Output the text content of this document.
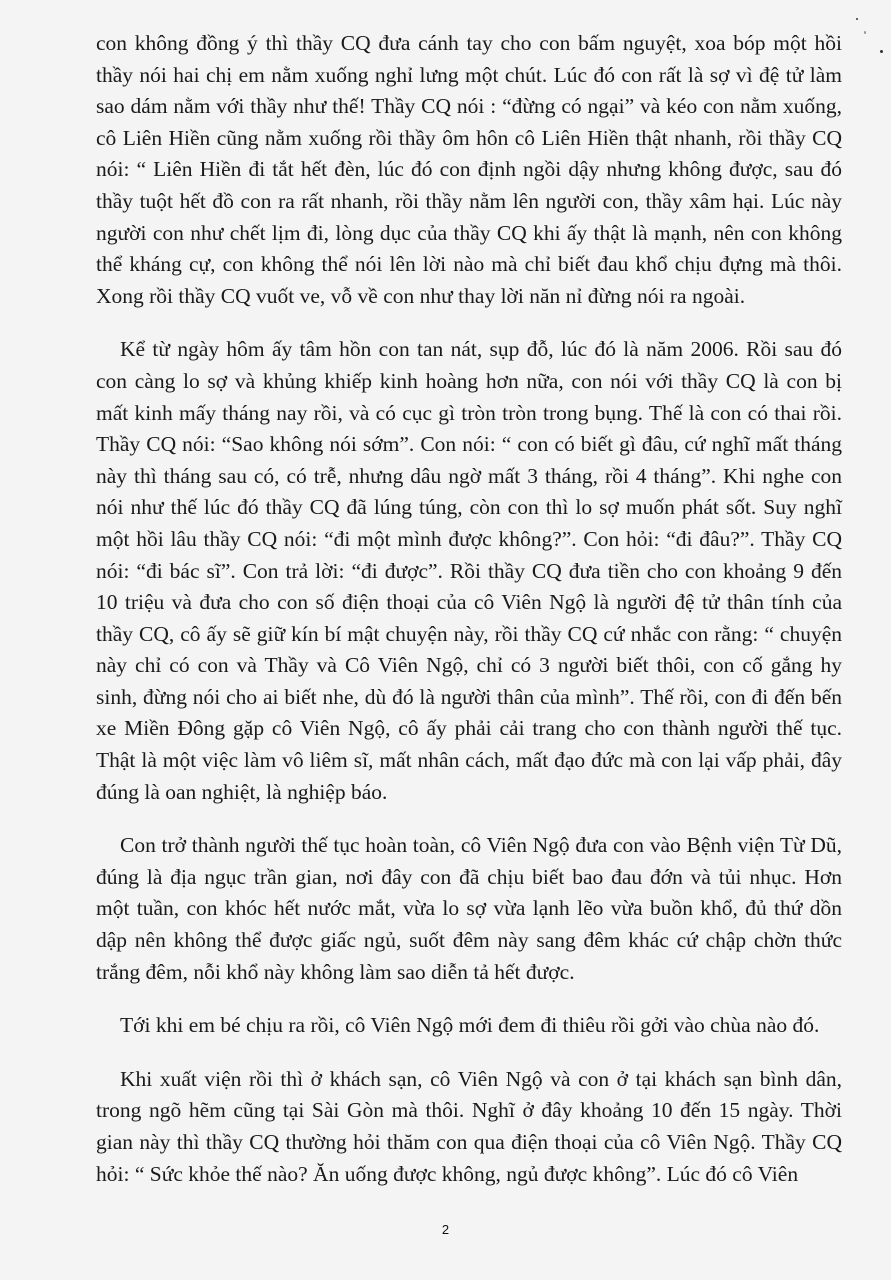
con không đồng ý thì thầy CQ đưa cánh tay cho con bấm nguyệt, xoa bóp một hồi
thầy nói hai chị em nằm xuống nghỉ lưng một chút. Lúc đó con rất là sợ vì đệ tử làm
sao dám nằm với thầy như thế! Thầy CQ nói : “đừng có ngại” và kéo con nằm xuống,
cô Liên Hiền cũng nằm xuống rồi thầy ôm hôn cô Liên Hiền thật nhanh, rồi thầy CQ
nói: “ Liên Hiền đi tắt hết đèn, lúc đó con định ngồi dậy nhưng không được, sau đó
thầy tuột hết đồ con ra rất nhanh, rồi thầy nằm lên người con, thầy xâm hại. Lúc này
người con như chết lịm đi, lòng dục của thầy CQ khi ấy thật là mạnh, nên con không
thể kháng cự, con không thể nói lên lời nào mà chỉ biết đau khổ chịu đựng mà thôi.
Xong rồi thầy CQ vuốt ve, vỗ về con như thay lời năn nỉ đừng nói ra ngoài.
Kể từ ngày hôm ấy tâm hồn con tan nát, sụp đỗ, lúc đó là năm 2006. Rồi sau đó
con càng lo sợ và khủng khiếp kinh hoàng hơn nữa, con nói với thầy CQ là con bị
mất kinh mấy tháng nay rồi, và có cục gì tròn tròn trong bụng. Thế là con có thai rồi.
Thầy CQ nói: “Sao không nói sớm”. Con nói: “ con có biết gì đâu, cứ nghĩ mất tháng
này thì tháng sau có, có trễ, nhưng dâu ngờ mất 3 tháng, rồi 4 tháng”. Khi nghe con
nói như thế lúc đó thầy CQ đã lúng túng, còn con thì lo sợ muốn phát sốt. Suy nghĩ
một hồi lâu thầy CQ nói: “đi một mình được không?”. Con hỏi: “đi đâu?”. Thầy CQ
nói: “đi bác sĩ”. Con trả lời: “đi được”. Rồi thầy CQ đưa tiền cho con khoảng 9 đến
10 triệu và đưa cho con số điện thoại của cô Viên Ngộ là người đệ tử thân tính của
thầy CQ, cô ấy sẽ giữ kín bí mật chuyện này, rồi thầy CQ cứ nhắc con rằng: “ chuyện
này chỉ có con và Thầy và Cô Viên Ngộ, chỉ có 3 người biết thôi, con cố gắng hy
sinh, đừng nói cho ai biết nhe, dù đó là người thân của mình”. Thế rồi, con đi đến bến
xe Miền Đông gặp cô Viên Ngộ, cô ấy phải cải trang cho con thành người thế tục.
Thật là một việc làm vô liêm sĩ, mất nhân cách, mất đạo đức mà con lại vấp phải, đây
đúng là oan nghiệt, là nghiệp báo.
Con trở thành người thế tục hoàn toàn, cô Viên Ngộ đưa con vào Bệnh viện Từ Dũ,
đúng là địa ngục trần gian, nơi đây con đã chịu biết bao đau đớn và tủi nhục. Hơn
một tuần, con khóc hết nước mắt, vừa lo sợ vừa lạnh lẽo vừa buồn khổ, đủ thứ dồn
dập nên không thể được giấc ngủ, suốt đêm này sang đêm khác cứ chập chờn thức
trắng đêm, nỗi khổ này không làm sao diễn tả hết được.
Tới khi em bé chịu ra rồi, cô Viên Ngộ mới đem đi thiêu rồi gởi vào chùa nào đó.
Khi xuất viện rồi thì ở khách sạn, cô Viên Ngộ và con ở tại khách sạn bình dân,
trong ngõ hẽm cũng tại Sài Gòn mà thôi. Nghĩ ở đây khoảng 10 đến 15 ngày. Thời
gian này thì thầy CQ thường hỏi thăm con qua điện thoại của cô Viên Ngộ. Thầy CQ
hỏi: “ Sức khỏe thế nào? Ăn uống được không, ngủ được không”. Lúc đó cô Viên
2
